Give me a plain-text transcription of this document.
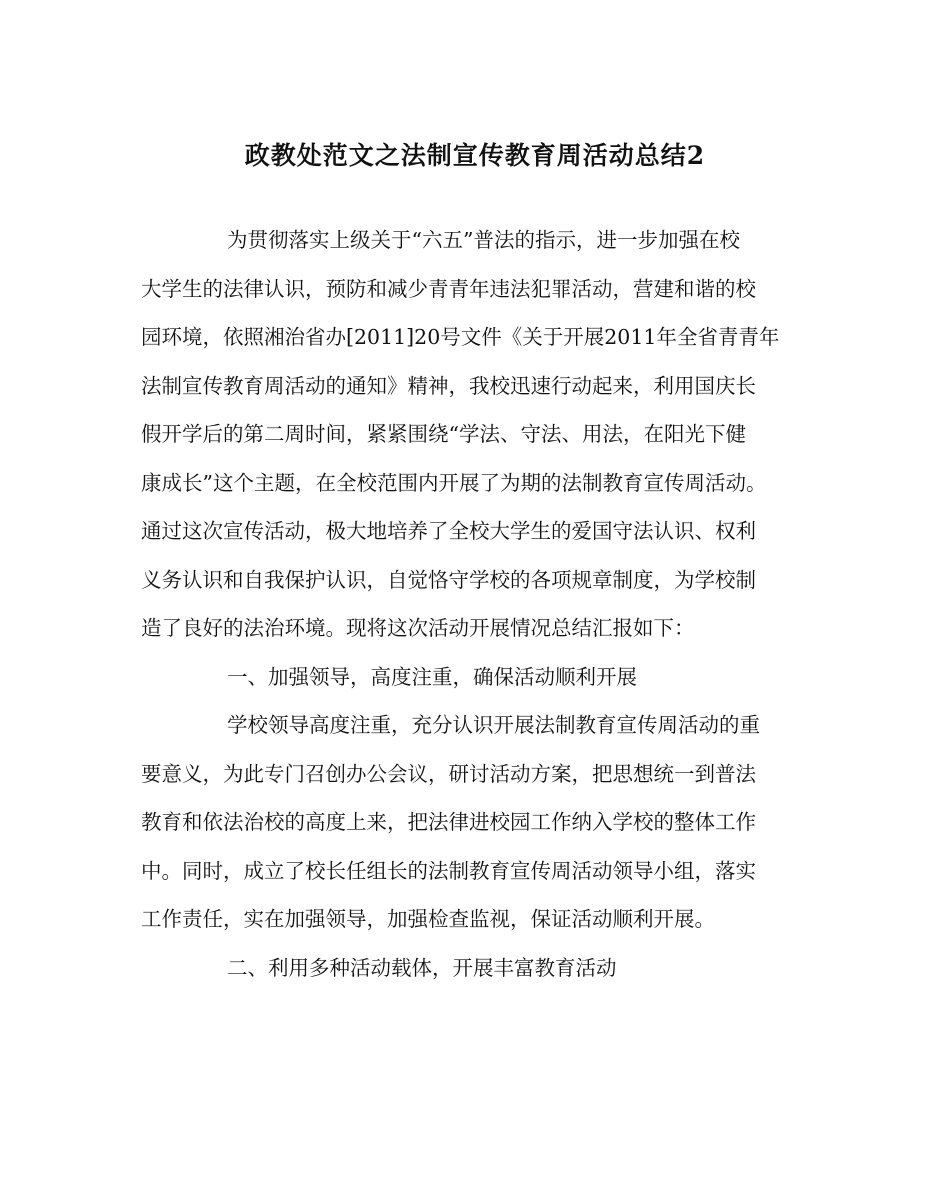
政教处范文之法制宣传教育周活动总结2
为贯彻落实上级关于“六五”普法的指示，进一步加强在校
大学生的法律认识，预防和减少青青年违法犯罪活动，营建和谐的校
园环境，依照湘治省办[2011]20号文件《关于开展2011年全省青青年
法制宣传教育周活动的通知》精神，我校迅速行动起来，利用国庆长
假开学后的第二周时间，紧紧围绕“学法、守法、用法，在阳光下健
康成长”这个主题，在全校范围内开展了为期的法制教育宣传周活动。
通过这次宣传活动，极大地培养了全校大学生的爱国守法认识、权利
义务认识和自我保护认识，自觉恪守学校的各项规章制度，为学校制
造了良好的法治环境。现将这次活动开展情况总结汇报如下：
一、加强领导，高度注重，确保活动顺利开展
学校领导高度注重，充分认识开展法制教育宣传周活动的重
要意义，为此专门召创办公会议，研讨活动方案，把思想统一到普法
教育和依法治校的高度上来，把法律进校园工作纳入学校的整体工作
中。同时，成立了校长任组长的法制教育宣传周活动领导小组，落实
工作责任，实在加强领导，加强检查监视，保证活动顺利开展。
二、利用多种活动载体，开展丰富教育活动
